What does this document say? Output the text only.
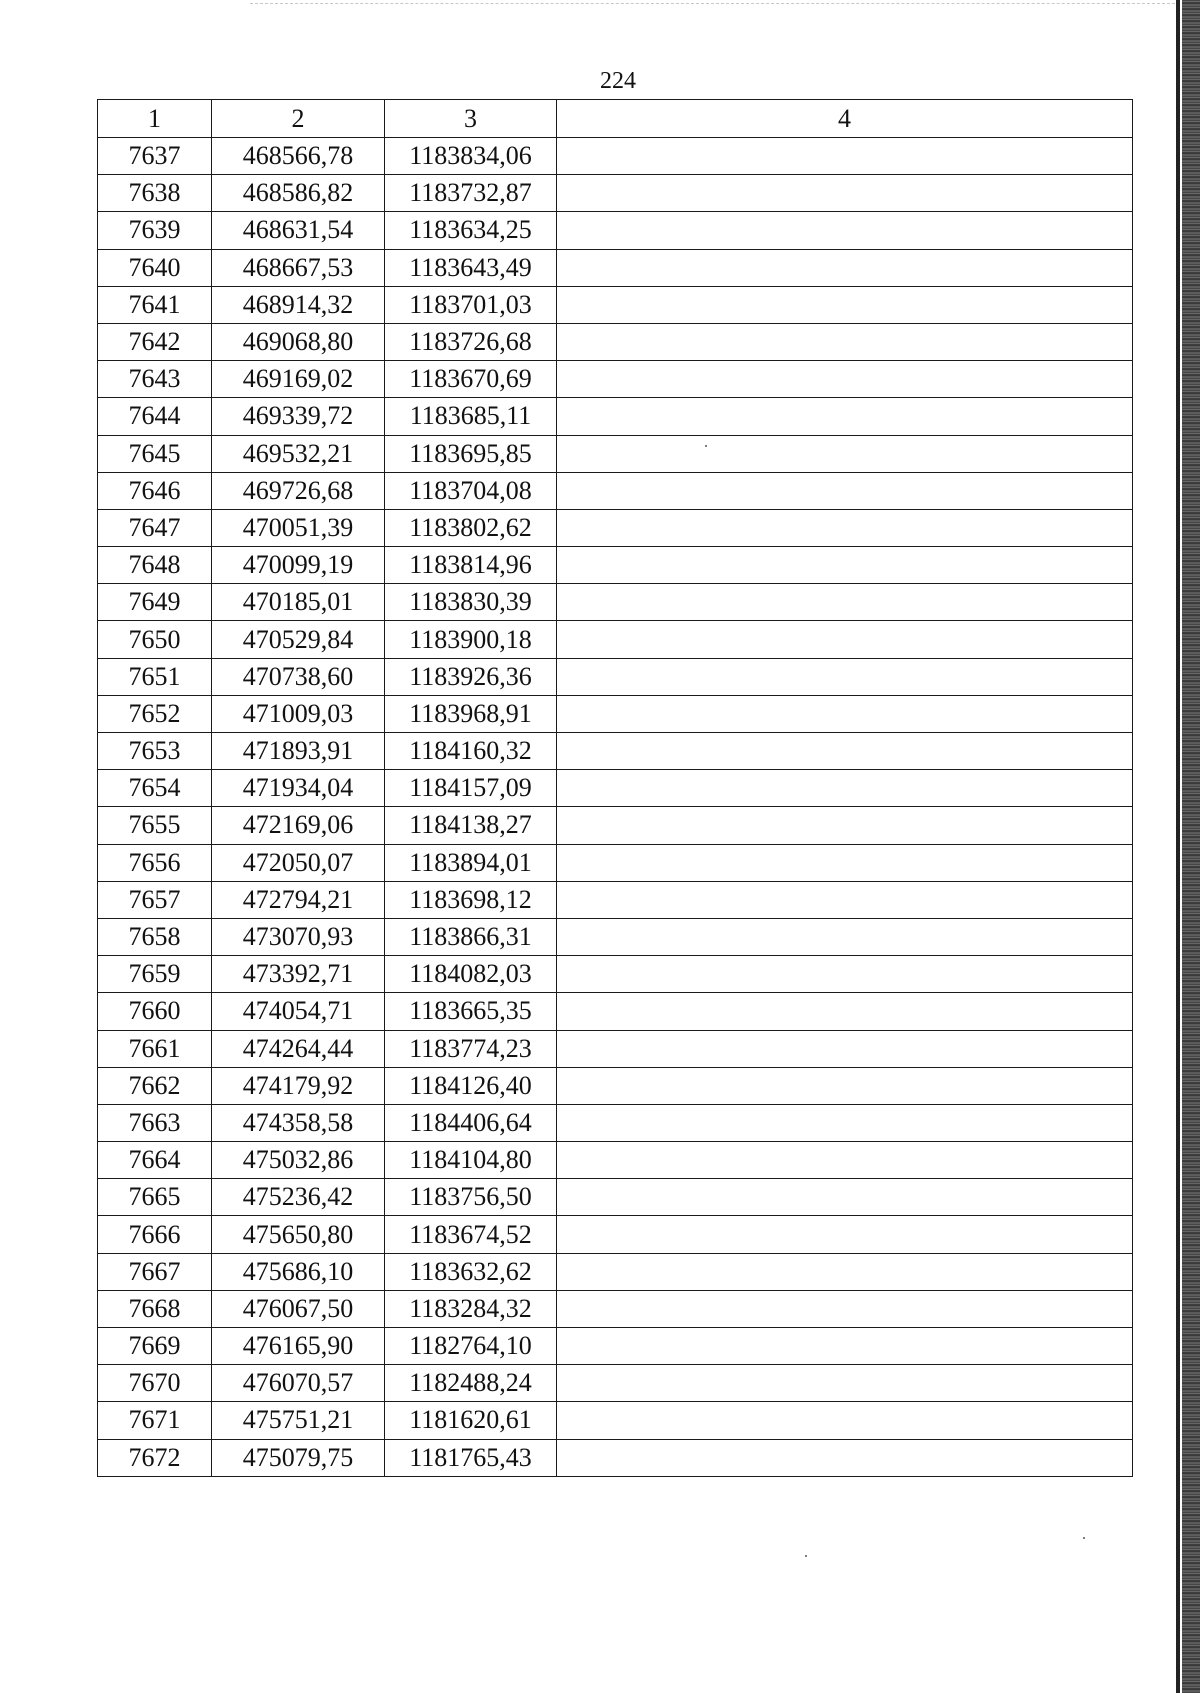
224
1	2	3	4
7637	468566,78	1183834,06	
7638	468586,82	1183732,87	
7639	468631,54	1183634,25	
7640	468667,53	1183643,49	
7641	468914,32	1183701,03	
7642	469068,80	1183726,68	
7643	469169,02	1183670,69	
7644	469339,72	1183685,11	
7645	469532,21	1183695,85	
7646	469726,68	1183704,08	
7647	470051,39	1183802,62	
7648	470099,19	1183814,96	
7649	470185,01	1183830,39	
7650	470529,84	1183900,18	
7651	470738,60	1183926,36	
7652	471009,03	1183968,91	
7653	471893,91	1184160,32	
7654	471934,04	1184157,09	
7655	472169,06	1184138,27	
7656	472050,07	1183894,01	
7657	472794,21	1183698,12	
7658	473070,93	1183866,31	
7659	473392,71	1184082,03	
7660	474054,71	1183665,35	
7661	474264,44	1183774,23	
7662	474179,92	1184126,40	
7663	474358,58	1184406,64	
7664	475032,86	1184104,80	
7665	475236,42	1183756,50	
7666	475650,80	1183674,52	
7667	475686,10	1183632,62	
7668	476067,50	1183284,32	
7669	476165,90	1182764,10	
7670	476070,57	1182488,24	
7671	475751,21	1181620,61	
7672	475079,75	1181765,43	
